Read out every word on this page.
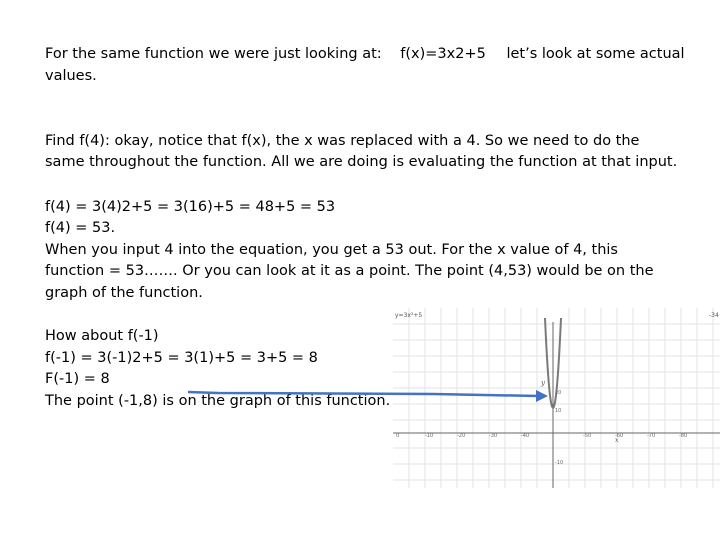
For the same function we were just looking at: f(x)=3x2+5 let’s look at some actual
values.
Find f(4): okay, notice that f(x), the x was replaced with a 4. So we need to do the
same throughout the function. All we are doing is evaluating the function at that input.
f(4) = 3(4)2+5 = 3(16)+5 = 48+5 = 53
f(4) = 53.
When you input 4 into the equation, you get a 53 out. For the x value of 4, this
function = 53……. Or you can look at it as a point. The point (4,53) would be on the
graph of the function.
How about f(-1)
f(-1) = 3(-1)2+5 = 3(1)+5 = 3+5 = 8
F(-1) = 8
The point (-1,8) is on the graph of this function.
y=3x²+5	-34
y
x
0	-10	-20	-30	-40	-50	-60	-70	-80
20
10
-10
